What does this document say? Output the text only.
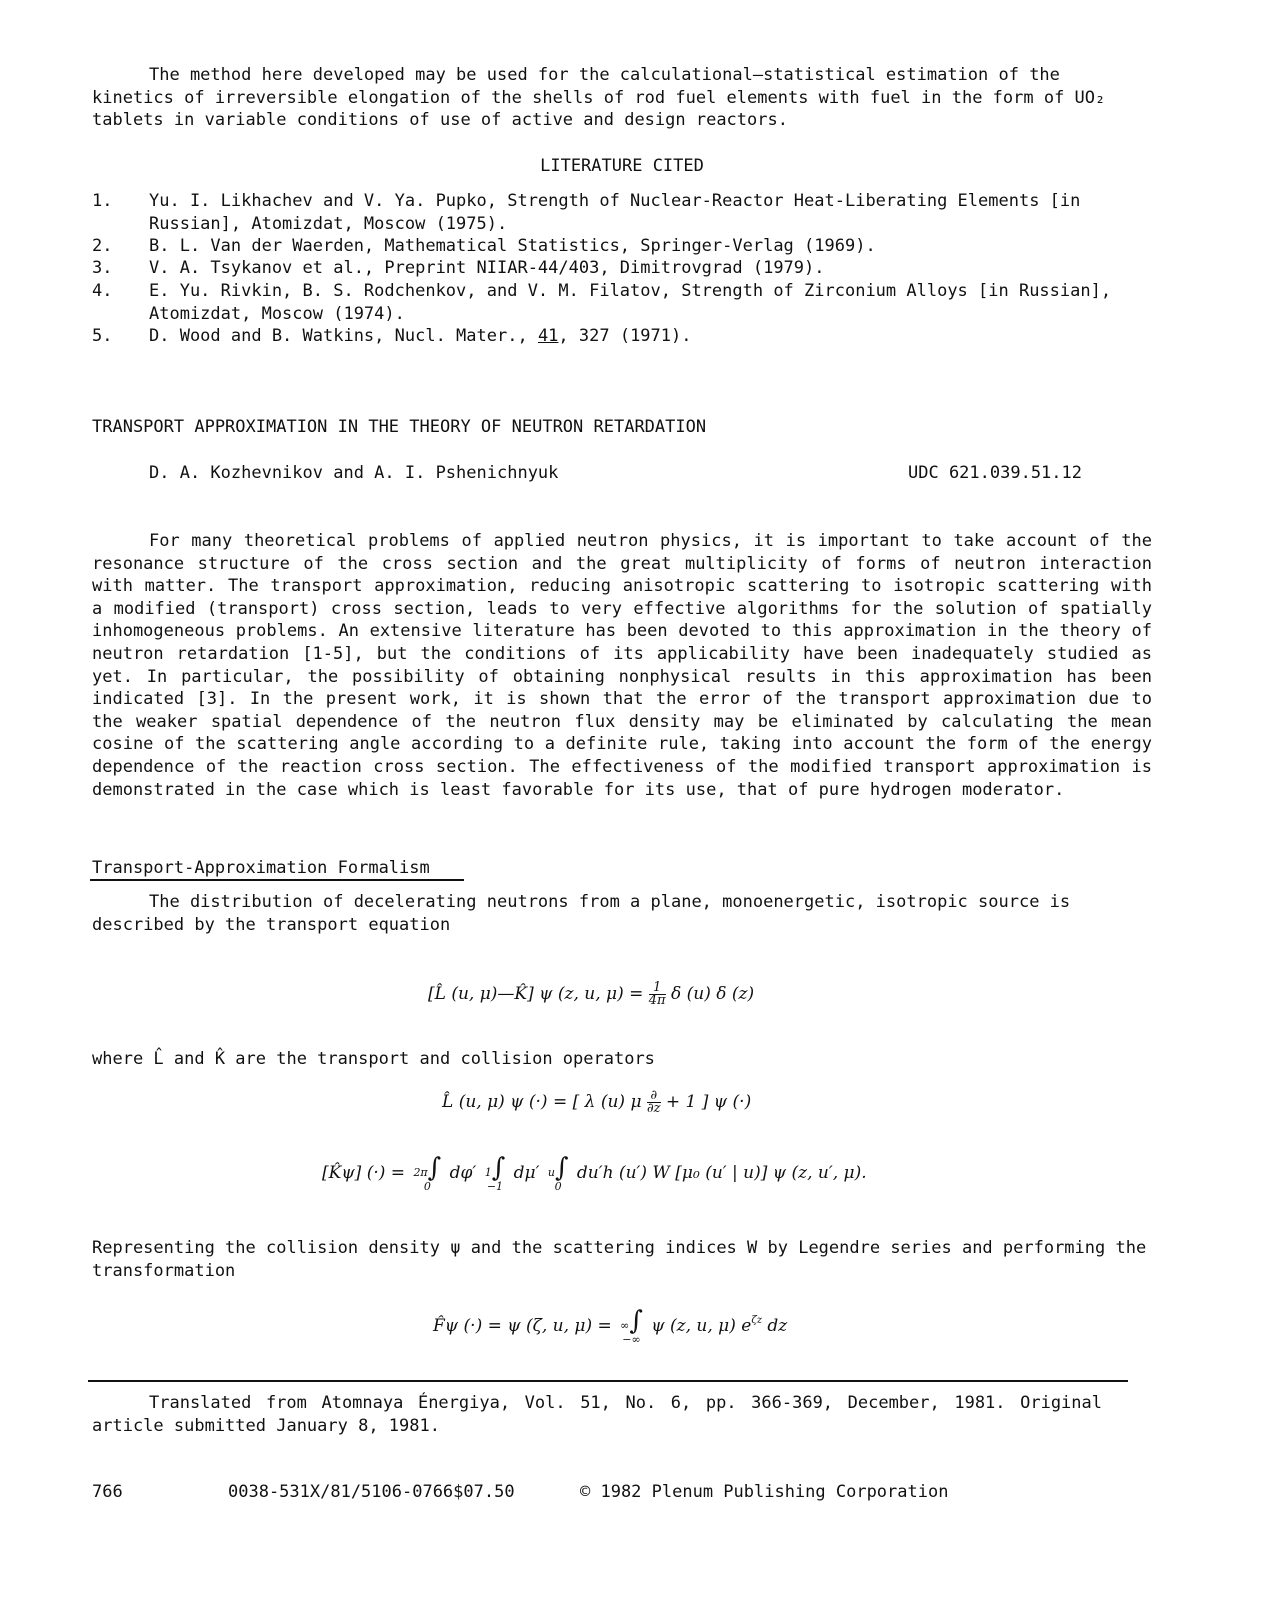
The method here developed may be used for the calculational—statistical estimation of the kinetics of irreversible elongation of the shells of rod fuel elements with fuel in the form of UO₂ tablets in variable conditions of use of active and design reactors.

LITERATURE CITED
1.	Yu. I. Likhachev and V. Ya. Pupko, Strength of Nuclear-Reactor Heat-Liberating Elements [in Russian], Atomizdat, Moscow (1975).
2.	B. L. Van der Waerden, Mathematical Statistics, Springer-Verlag (1969).
3.	V. A. Tsykanov et al., Preprint NIIAR-44/403, Dimitrovgrad (1979).
4.	E. Yu. Rivkin, B. S. Rodchenkov, and V. M. Filatov, Strength of Zirconium Alloys [in Russian], Atomizdat, Moscow (1974).
5.	D. Wood and B. Watkins, Nucl. Mater., 41, 327 (1971).
TRANSPORT APPROXIMATION IN THE THEORY OF NEUTRON RETARDATION
D. A. Kozhevnikov and A. I. Pshenichnyuk	UDC 621.039.51.12

For many theoretical problems of applied neutron physics, it is important to take account of the resonance structure of the cross section and the great multiplicity of forms of neutron interaction with matter. The transport approximation, reducing anisotropic scattering to isotropic scattering with a modified (transport) cross section, leads to very effective algorithms for the solution of spatially inhomogeneous problems. An extensive literature has been devoted to this approximation in the theory of neutron retardation [1-5], but the conditions of its applicability have been inadequately studied as yet. In particular, the possibility of obtaining nonphysical results in this approximation has been indicated [3]. In the present work, it is shown that the error of the transport approximation due to the weaker spatial dependence of the neutron flux density may be eliminated by calculating the mean cosine of the scattering angle according to a definite rule, taking into account the form of the energy dependence of the reaction cross section. The effectiveness of the modified transport approximation is demonstrated in the case which is least favorable for its use, that of pure hydrogen moderator.

Transport-Approximation Formalism

The distribution of decelerating neutrons from a plane, monoenergetic, isotropic source is described by the transport equation

[L̂ (u, μ)—K̂] ψ (z, u, $\mu) = \frac{1}{4\pi}$ δ (u) δ (z)

where L̂ and K̂ are the transport and collision operators

L̂ (u, μ) ψ (·) = [ λ (u) μ $\frac{\partial}{\partial z} + 1$ ] ψ (·)
[K̂ψ] (·) = 2π∫
0 dφ′ 1∫
−1 dμ′ u∫
0 du′h (u′) W [μ₀ (u′ | u)] ψ (z, u′, μ).

Representing the collision density ψ and the scattering indices W by Legendre series and performing the transformation

F̂ψ (·) = ψ (ζ, u, μ) = ∞∫
−∞ ψ (z, u, μ) $e^{\zeta z}$ dz

Translated from Atomnaya Énergiya, Vol. 51, No. 6, pp. 366-369, December, 1981. Original article submitted January 8, 1981.

766	0038-531X/81/5106-0766$07.50	© 1982 Plenum Publishing Corporation
